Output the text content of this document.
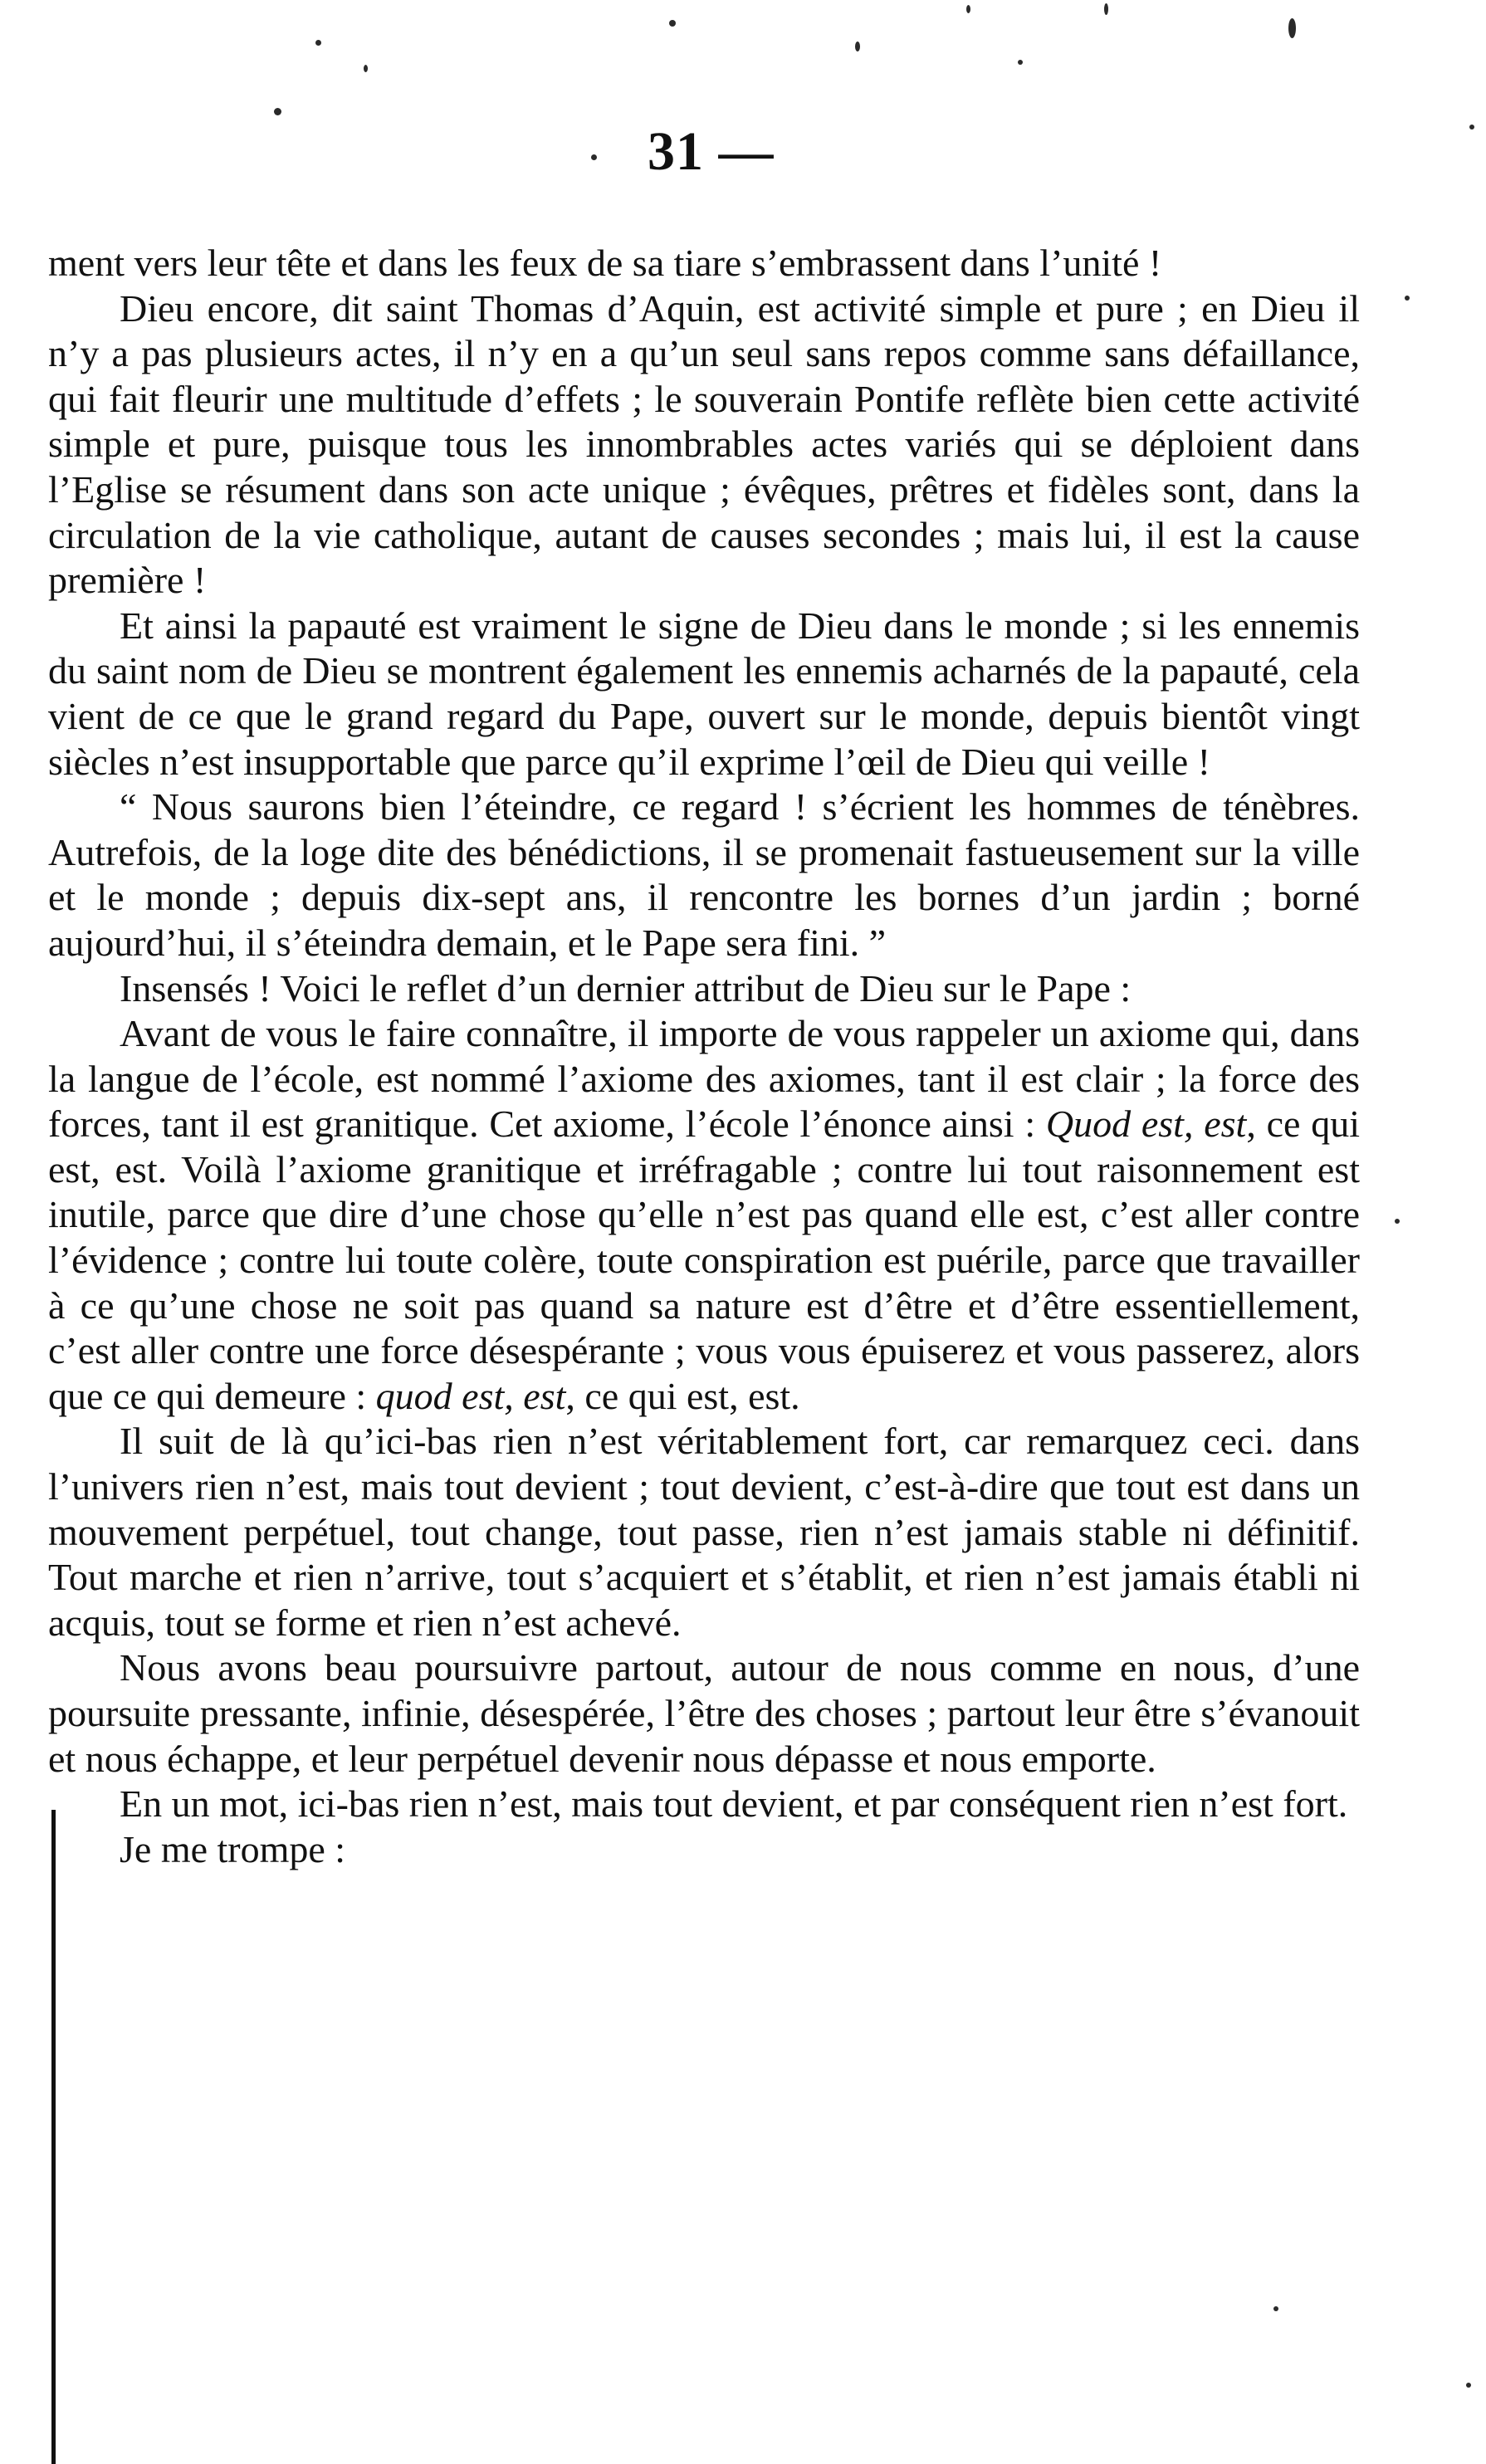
31 —

ment vers leur tête et dans les feux de sa tiare s’embrassent dans l’unité !

Dieu encore, dit saint Thomas d’Aquin, est activité simple et pure ; en Dieu il n’y a pas plusieurs actes, il n’y en a qu’un seul sans repos comme sans défaillance, qui fait fleurir une multitude d’effets ; le souverain Pontife reflète bien cette activité simple et pure, puisque tous les innombrables actes variés qui se déploient dans l’Eglise se résument dans son acte unique ; évêques, prêtres et fidèles sont, dans la circulation de la vie catholique, autant de causes secondes ; mais lui, il est la cause première !

Et ainsi la papauté est vraiment le signe de Dieu dans le monde ; si les ennemis du saint nom de Dieu se montrent également les ennemis acharnés de la papauté, cela vient de ce que le grand regard du Pape, ouvert sur le monde, depuis bientôt vingt siècles n’est insupportable que parce qu’il exprime l’œil de Dieu qui veille !

“ Nous saurons bien l’éteindre, ce regard ! s’écrient les hommes de ténèbres. Autrefois, de la loge dite des bénédictions, il se promenait fastueusement sur la ville et le monde ; depuis dix-sept ans, il rencontre les bornes d’un jardin ; borné aujourd’hui, il s’éteindra demain, et le Pape sera fini. ”

Insensés ! Voici le reflet d’un dernier attribut de Dieu sur le Pape :

Avant de vous le faire connaître, il importe de vous rappeler un axiome qui, dans la langue de l’école, est nommé l’axiome des axiomes, tant il est clair ; la force des forces, tant il est granitique. Cet axiome, l’école l’énonce ainsi : Quod est, est, ce qui est, est. Voilà l’axiome granitique et irréfragable ; contre lui tout raisonnement est inutile, parce que dire d’une chose qu’elle n’est pas quand elle est, c’est aller contre l’évidence ; contre lui toute colère, toute conspiration est puérile, parce que travailler à ce qu’une chose ne soit pas quand sa nature est d’être et d’être essentiellement, c’est aller contre une force désespérante ; vous vous épuiserez et vous passerez, alors que ce qui demeure : quod est, est, ce qui est, est.

Il suit de là qu’ici-bas rien n’est véritablement fort, car remarquez ceci. dans l’univers rien n’est, mais tout devient ; tout devient, c’est-à-dire que tout est dans un mouvement perpétuel, tout change, tout passe, rien n’est jamais stable ni définitif. Tout marche et rien n’arrive, tout s’acquiert et s’établit, et rien n’est jamais établi ni acquis, tout se forme et rien n’est achevé.

Nous avons beau poursuivre partout, autour de nous comme en nous, d’une poursuite pressante, infinie, désespérée, l’être des choses ; partout leur être s’évanouit et nous échappe, et leur perpétuel devenir nous dépasse et nous emporte.

En un mot, ici-bas rien n’est, mais tout devient, et par conséquent rien n’est fort.

Je me trompe :
